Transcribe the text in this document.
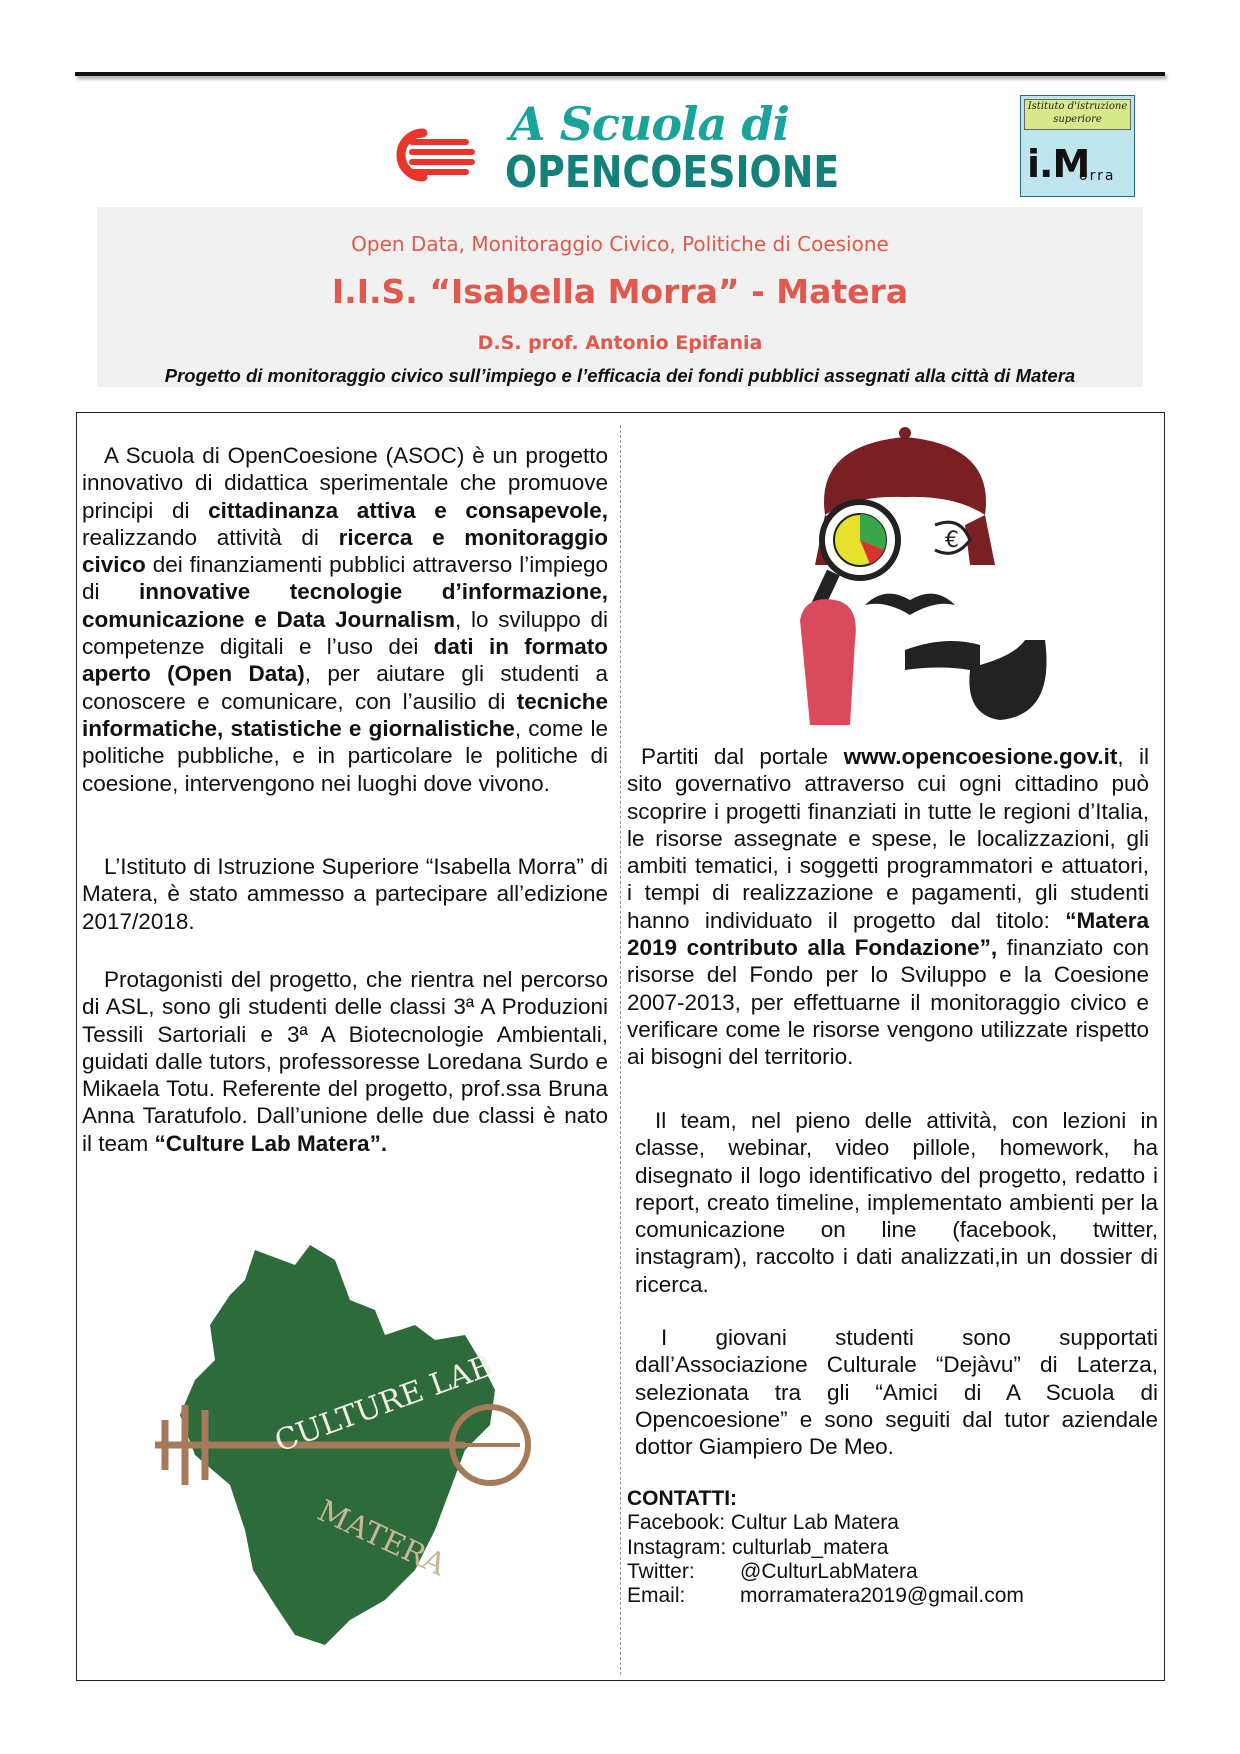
A Scuola di
OPENCOESIONE
Istituto d'istruzione superiore
i.M
orra
Open Data, Monitoraggio Civico, Politiche di Coesione
I.I.S. “Isabella Morra” - Matera
D.S. prof. Antonio Epifania
Progetto di monitoraggio civico sull’impiego e l’efficacia dei fondi pubblici assegnati alla città di Matera
A Scuola di OpenCoesione (ASOC) è un progetto innovativo di didattica sperimentale che promuove principi di cittadinanza attiva e consapevole, realizzando attività di ricerca e monitoraggio civico dei finanziamenti pubblici attraverso l’impiego di innovative tecnologie d’informazione, comunicazione e Data Journalism, lo sviluppo di competenze digitali e l’uso dei dati in formato aperto (Open Data), per aiutare gli studenti a conoscere e comunicare, con l’ausilio di tecniche informatiche, statistiche e giornalistiche, come le politiche pubbliche, e in particolare le politiche di coesione, intervengono nei luoghi dove vivono.
L’Istituto di Istruzione Superiore “Isabella Morra” di Matera, è stato ammesso a partecipare all’edizione 2017/2018.
Protagonisti del progetto, che rientra nel percorso di ASL, sono gli studenti delle classi 3ª A Produzioni Tessili Sartoriali e 3ª A Biotecnologie Ambientali, guidati dalle tutors, professoresse Loredana Surdo e Mikaela Totu. Referente del progetto, prof.ssa Bruna Anna Taratufolo. Dall’unione delle due classi è nato il team “Culture Lab Matera”.
CULTURE LAB
MATERA
€
Partiti dal portale www.opencoesione.gov.it, il sito governativo attraverso cui ogni cittadino può scoprire i progetti finanziati in tutte le regioni d’Italia, le risorse assegnate e spese, le localizzazioni, gli ambiti tematici, i soggetti programmatori e attuatori, i tempi di realizzazione e pagamenti, gli studenti hanno individuato il progetto dal titolo: “Matera 2019 contributo alla Fondazione”, finanziato con risorse del Fondo per lo Sviluppo e la Coesione 2007-2013, per effettuarne il monitoraggio civico e verificare come le risorse vengono utilizzate rispetto ai bisogni del territorio.
Il team, nel pieno delle attività, con lezioni in classe, webinar, video pillole, homework, ha disegnato il logo identificativo del progetto, redatto i report, creato timeline, implementato ambienti per la comunicazione on line (facebook, twitter, instagram), raccolto i dati analizzati,in un dossier di ricerca.
I giovani studenti sono supportati dall’Associazione Culturale “Dejàvu” di Laterza, selezionata tra gli “Amici di A Scuola di Opencoesione” e sono seguiti dal tutor aziendale dottor Giampiero De Meo.
CONTATTI:
Facebook: Cultur Lab Matera
Instagram: culturlab_matera
Twitter: @CulturLabMatera
Email:	morramatera2019@gmail.com
